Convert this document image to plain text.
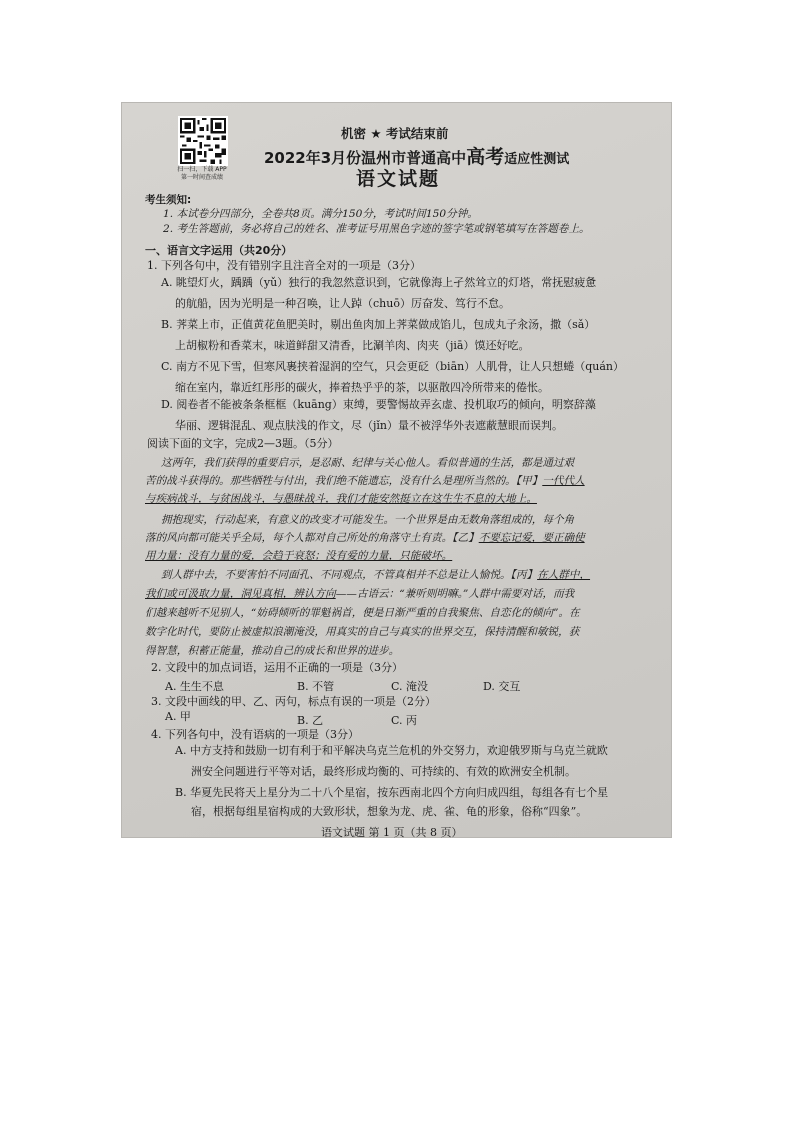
扫一扫，下载 APP
第一时间查成绩
机密 ★ 考试结束前
2022年3月份温州市普通高中高考适应性测试
语文试题
考生须知:
1. 本试卷分四部分，全卷共8页。满分150分，考试时间150分钟。
2. 考生答题前，务必将自己的姓名、准考证号用黑色字迹的签字笔或钢笔填写在答题卷上。
一、语言文字运用（共20分）
1. 下列各句中，没有错别字且注音全对的一项是（3分）
A. 眺望灯火，踽踽（yǔ）独行的我忽然意识到，它就像海上孑然耸立的灯塔，常抚慰疲惫
的航船，因为光明是一种召唤，让人踔（chuō）厉奋发、笃行不怠。
B. 荠菜上市，正值黄花鱼肥美时，剔出鱼肉加上荠菜做成馅儿，包成丸子汆汤，撒（sǎ）
上胡椒粉和香菜末，味道鲜甜又清香，比涮羊肉、肉夹（jiā）馍还好吃。
C. 南方不见下雪，但寒风裹挟着湿润的空气，只会更砭（biān）人肌骨，让人只想蜷（quán）
缩在室内，靠近红彤彤的碳火，捧着热乎乎的茶，以驱散四冷所带来的倦怅。
D. 阅卷者不能被条条框框（kuāng）束缚，要警惕故弄玄虚、投机取巧的倾向，明察辞藻
华丽、逻辑混乱、观点肤浅的作文，尽（jǐn）量不被浮华外表遮蔽慧眼而误判。
阅读下面的文字，完成2—3题。（5分）
这两年，我们获得的重要启示，是忍耐、纪律与关心他人。看似普通的生活，都是通过艰
苦的战斗获得的。那些牺牲与付出，我们绝不能遗忘，没有什么是理所当然的。【甲】一代代人
与疾病战斗，与贫困战斗，与愚昧战斗，我们才能安然挺立在这生生不息的大地上。
拥抱现实，行动起来，有意义的改变才可能发生。一个世界是由无数角落组成的，每个角
落的风向都可能关乎全局，每个人都对自己所处的角落守土有责。【乙】不要忘记爱，要正确使
用力量：没有力量的爱，会趋于衰怒；没有爱的力量，只能破坏。
到人群中去，不要害怕不同面孔、不同观点，不管真相并不总是让人愉悦。【丙】在人群中，
我们或可汲取力量，洞见真相，辨认方向——古语云：“兼听则明嘛。”人群中需要对话，而我
们越来越听不见别人，“妨碍倾听的罪魁祸首，便是日渐严重的自我聚焦、自恋化的倾向”。在
数字化时代，要防止被虚拟浪潮淹没，用真实的自己与真实的世界交互，保持清醒和敏锐，获
得智慧，积蓄正能量，推动自己的成长和世界的进步。
2. 文段中的加点词语，运用不正确的一项是（3分）
A. 生生不息	B. 不管	C. 淹没	D. 交互
3. 文段中画线的甲、乙、丙句，标点有误的一项是（2分）
A. 甲	B. 乙	C. 丙
4. 下列各句中，没有语病的一项是（3分）
A. 中方支持和鼓励一切有利于和平解决乌克兰危机的外交努力，欢迎俄罗斯与乌克兰就欧
洲安全问题进行平等对话，最终形成均衡的、可持续的、有效的欧洲安全机制。
B. 华夏先民将天上星分为二十八个星宿，按东西南北四个方向归成四组，每组各有七个星
宿，根据每组星宿构成的大致形状，想象为龙、虎、雀、龟的形象，俗称“四象”。
语文试题 第 1 页（共 8 页）
